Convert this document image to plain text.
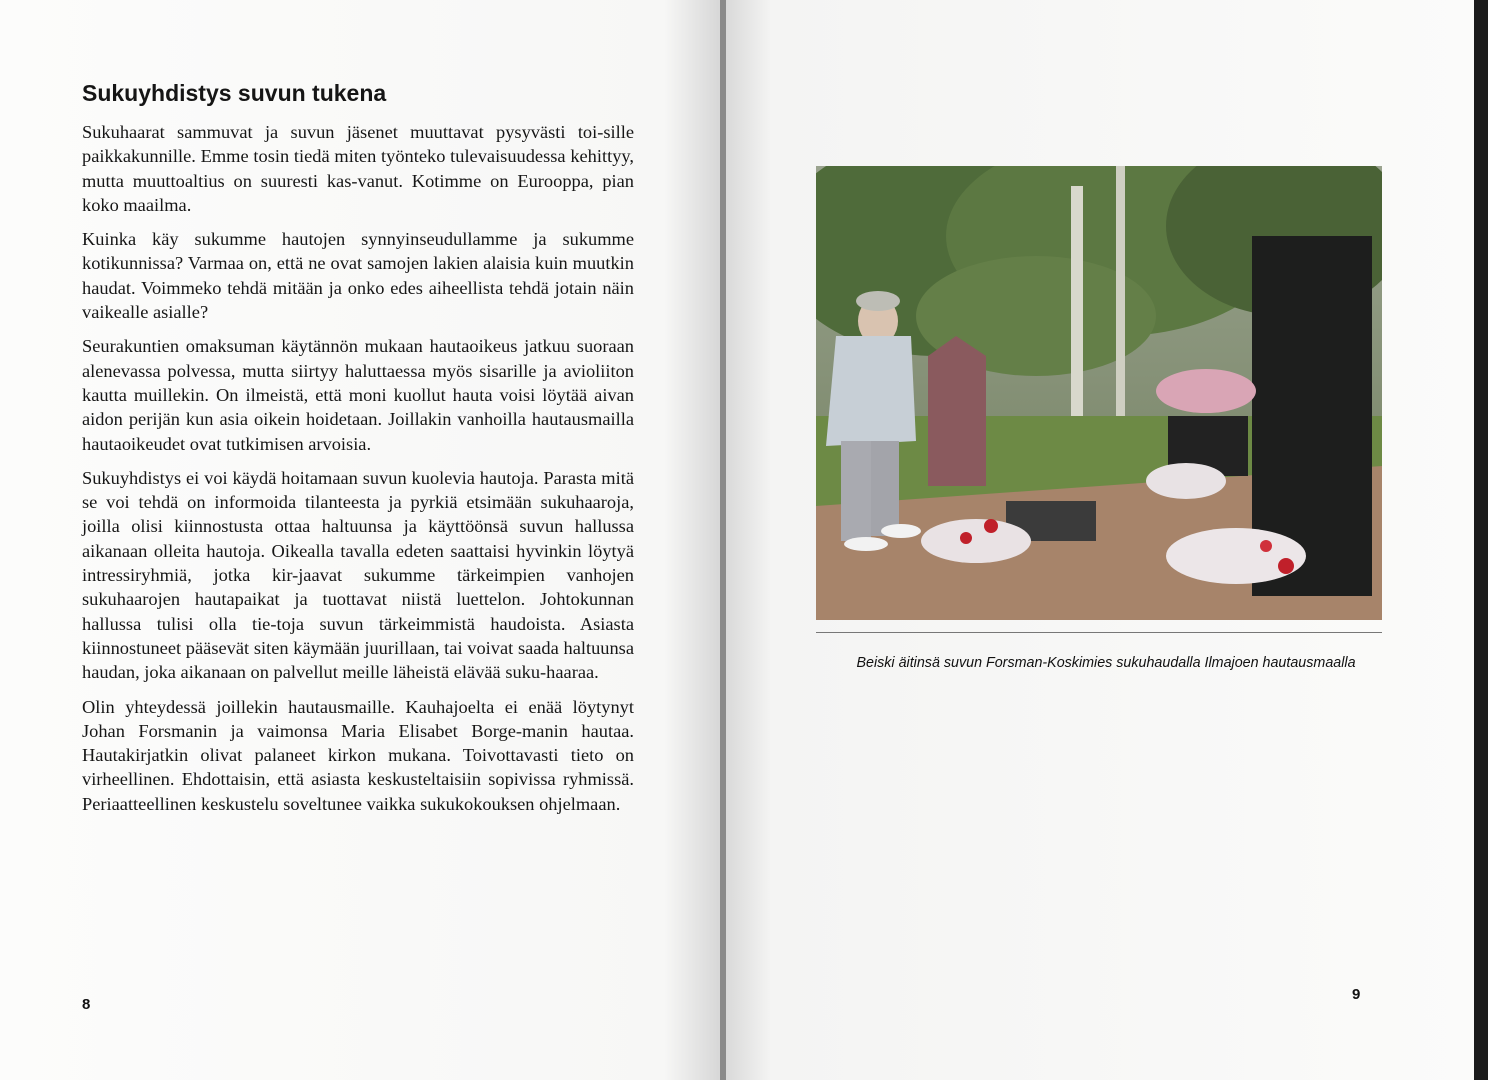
Sukuyhdistys suvun tukena

Sukuhaarat sammuvat ja suvun jäsenet muuttavat pysyvästi toi-sille paikkakunnille. Emme tosin tiedä miten työnteko tulevaisuudessa kehittyy, mutta muuttoaltius on suuresti kas-vanut. Kotimme on Eurooppa, pian koko maailma.

Kuinka käy sukumme hautojen synnyinseudullamme ja sukumme kotikunnissa? Varmaa on, että ne ovat samojen lakien alaisia kuin muutkin haudat. Voimmeko tehdä mitään ja onko edes aiheellista tehdä jotain näin vaikealle asialle?

Seurakuntien omaksuman käytännön mukaan hautaoikeus jatkuu suoraan alenevassa polvessa, mutta siirtyy haluttaessa myös sisarille ja avioliiton kautta muillekin. On ilmeistä, että moni kuollut hauta voisi löytää aivan aidon perijän kun asia oikein hoidetaan. Joillakin vanhoilla hautausmailla hautaoikeudet ovat tutkimisen arvoisia.

Sukuyhdistys ei voi käydä hoitamaan suvun kuolevia hautoja. Parasta mitä se voi tehdä on informoida tilanteesta ja pyrkiä etsimään sukuhaaroja, joilla olisi kiinnostusta ottaa haltuunsa ja käyttöönsä suvun hallussa aikanaan olleita hautoja. Oikealla tavalla edeten saattaisi hyvinkin löytyä intressiryhmiä, jotka kir-jaavat sukumme tärkeimpien vanhojen sukuhaarojen hautapaikat ja tuottavat niistä luettelon. Johtokunnan hallussa tulisi olla tie-toja suvun tärkeimmistä haudoista. Asiasta kiinnostuneet pääsevät siten käymään juurillaan, tai voivat saada haltuunsa haudan, joka aikanaan on palvellut meille läheistä elävää suku-haaraa.

Olin yhteydessä joillekin hautausmaille. Kauhajoelta ei enää löytynyt Johan Forsmanin ja vaimonsa Maria Elisabet Borge-manin hautaa. Hautakirjatkin olivat palaneet kirkon mukana. Toivottavasti tieto on virheellinen. Ehdottaisin, että asiasta keskusteltaisiin sopivissa ryhmissä. Periaatteellinen keskustelu soveltunee vaikka sukukokouksen ohjelmaan.

8
Beiski äitinsä suvun Forsman-Koskimies sukuhaudalla Ilmajoen hautausmaalla
9
